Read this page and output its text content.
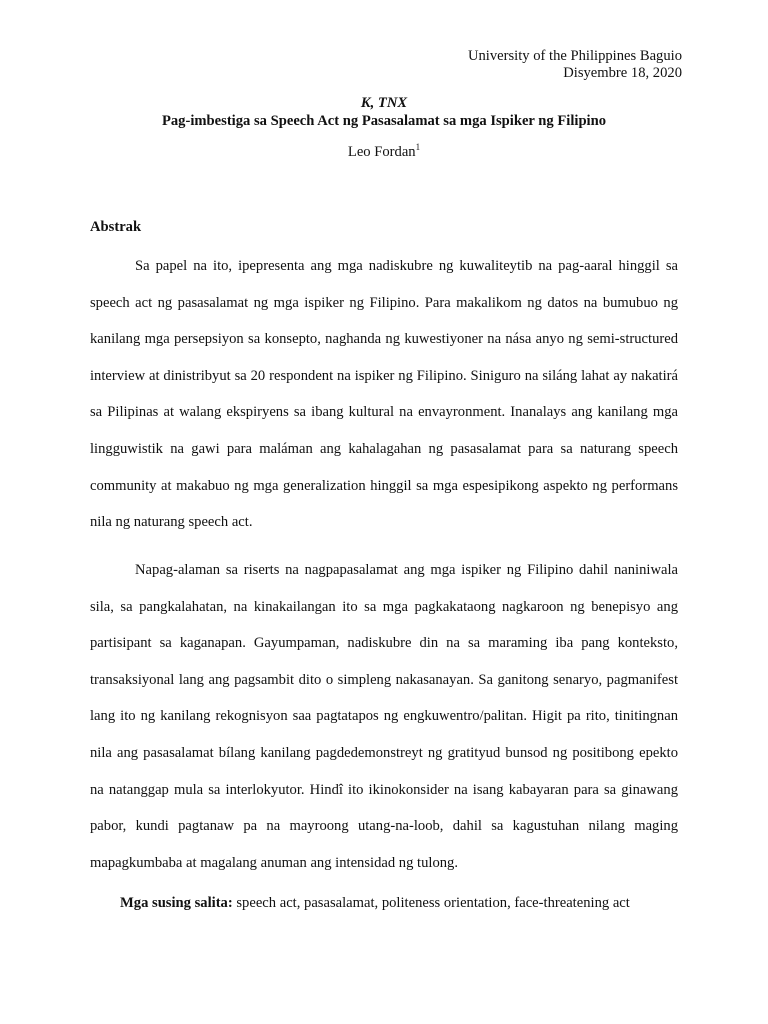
University of the Philippines Baguio
Disyembre 18, 2020
K, TNX
Pag-imbestiga sa Speech Act ng Pasasalamat sa mga Ispiker ng Filipino
Leo Fordan$^1$
Abstrak

Sa papel na ito, ipepresenta ang mga nadiskubre ng kuwaliteytib na pag-aaral hinggil sa speech act ng pasasalamat ng mga ispiker ng Filipino. Para makalikom ng datos na bumubuo ng kanilang mga persepsiyon sa konsepto, naghanda ng kuwestiyoner na nása anyo ng semi-structured interview at dinistribyut sa 20 respondent na ispiker ng Filipino. Siniguro na siláng lahat ay nakatirá sa Pilipinas at walang ekspiryens sa ibang kultural na envayronment. Inanalays ang kanilang mga lingguwistik na gawi para maláman ang kahalagahan ng pasasalamat para sa naturang speech community at makabuo ng mga generalization hinggil sa mga espesipikong aspekto ng performans nila ng naturang speech act.

Napag-alaman sa riserts na nagpapasalamat ang mga ispiker ng Filipino dahil naniniwala sila, sa pangkalahatan, na kinakailangan ito sa mga pagkakataong nagkaroon ng benepisyo ang partisipant sa kaganapan. Gayumpaman, nadiskubre din na sa maraming iba pang konteksto, transaksiyonal lang ang pagsambit dito o simpleng nakasanayan. Sa ganitong senaryo, pagmanifest lang ito ng kanilang rekognisyon saa pagtatapos ng engkuwentro/palitan. Higit pa rito, tinitingnan nila ang pasasalamat bílang kanilang pagdedemonstreyt ng gratityud bunsod ng positibong epekto na natanggap mula sa interlokyutor. Hindî ito ikinokonsider na isang kabayaran para sa ginawang pabor, kundi pagtanaw pa na mayroong utang-na-loob, dahil sa kagustuhan nilang maging mapagkumbaba at magalang anuman ang intensidad ng tulong.

Mga susing salita: speech act, pasasalamat, politeness orientation, face-threatening act
